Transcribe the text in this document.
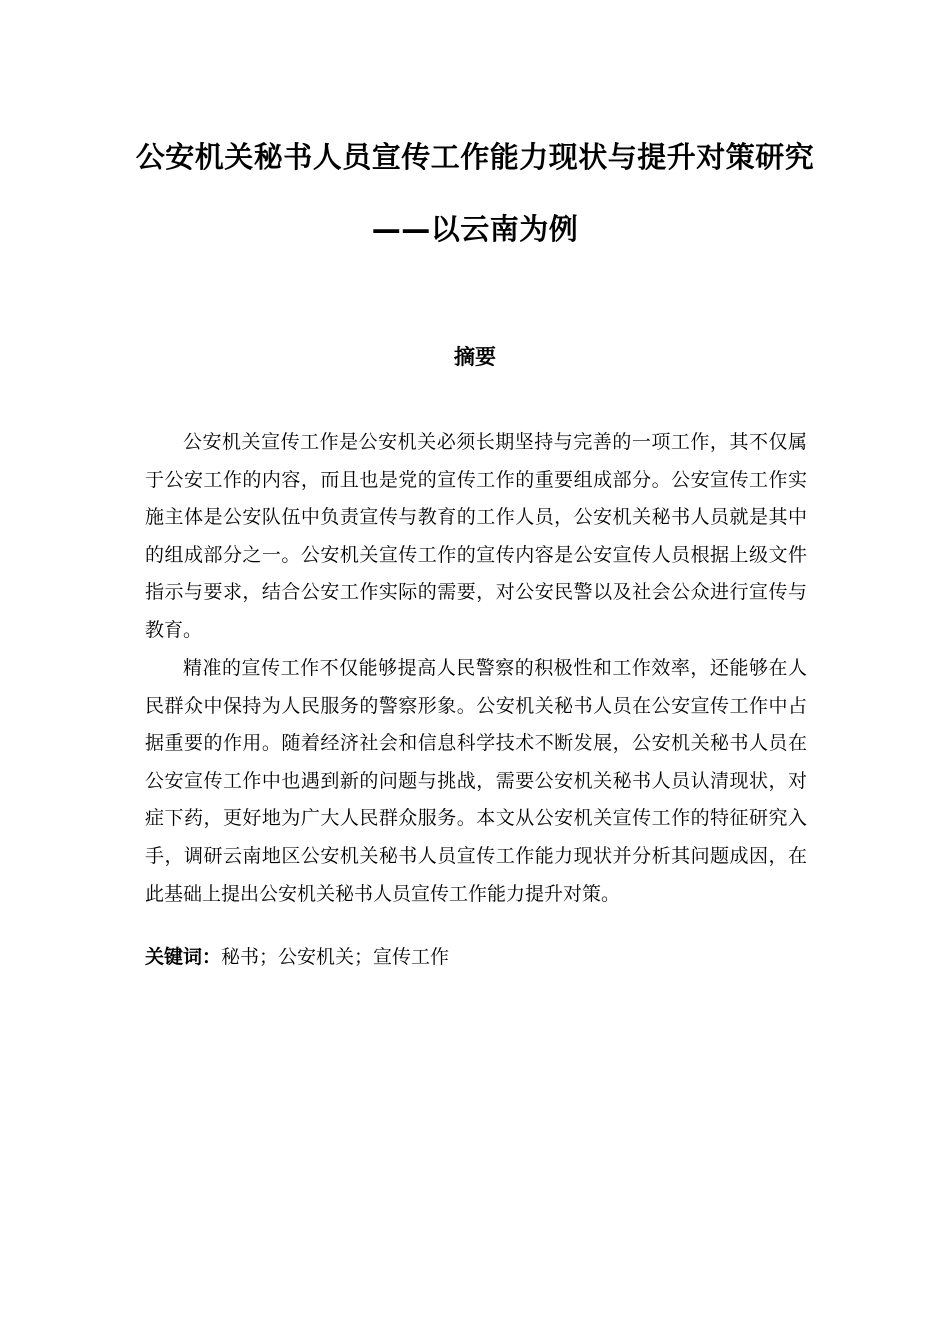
公安机关秘书人员宣传工作能力现状与提升对策研究
——以云南为例
摘要

公安机关宣传工作是公安机关必须长期坚持与完善的一项工作，其不仅属于公安工作的内容，而且也是党的宣传工作的重要组成部分。公安宣传工作实施主体是公安队伍中负责宣传与教育的工作人员，公安机关秘书人员就是其中的组成部分之一。公安机关宣传工作的宣传内容是公安宣传人员根据上级文件指示与要求，结合公安工作实际的需要，对公安民警以及社会公众进行宣传与教育。

精准的宣传工作不仅能够提高人民警察的积极性和工作效率，还能够在人民群众中保持为人民服务的警察形象。公安机关秘书人员在公安宣传工作中占据重要的作用。随着经济社会和信息科学技术不断发展，公安机关秘书人员在公安宣传工作中也遇到新的问题与挑战，需要公安机关秘书人员认清现状，对症下药，更好地为广大人民群众服务。本文从公安机关宣传工作的特征研究入手，调研云南地区公安机关秘书人员宣传工作能力现状并分析其问题成因，在此基础上提出公安机关秘书人员宣传工作能力提升对策。

关键词：秘书；公安机关；宣传工作
